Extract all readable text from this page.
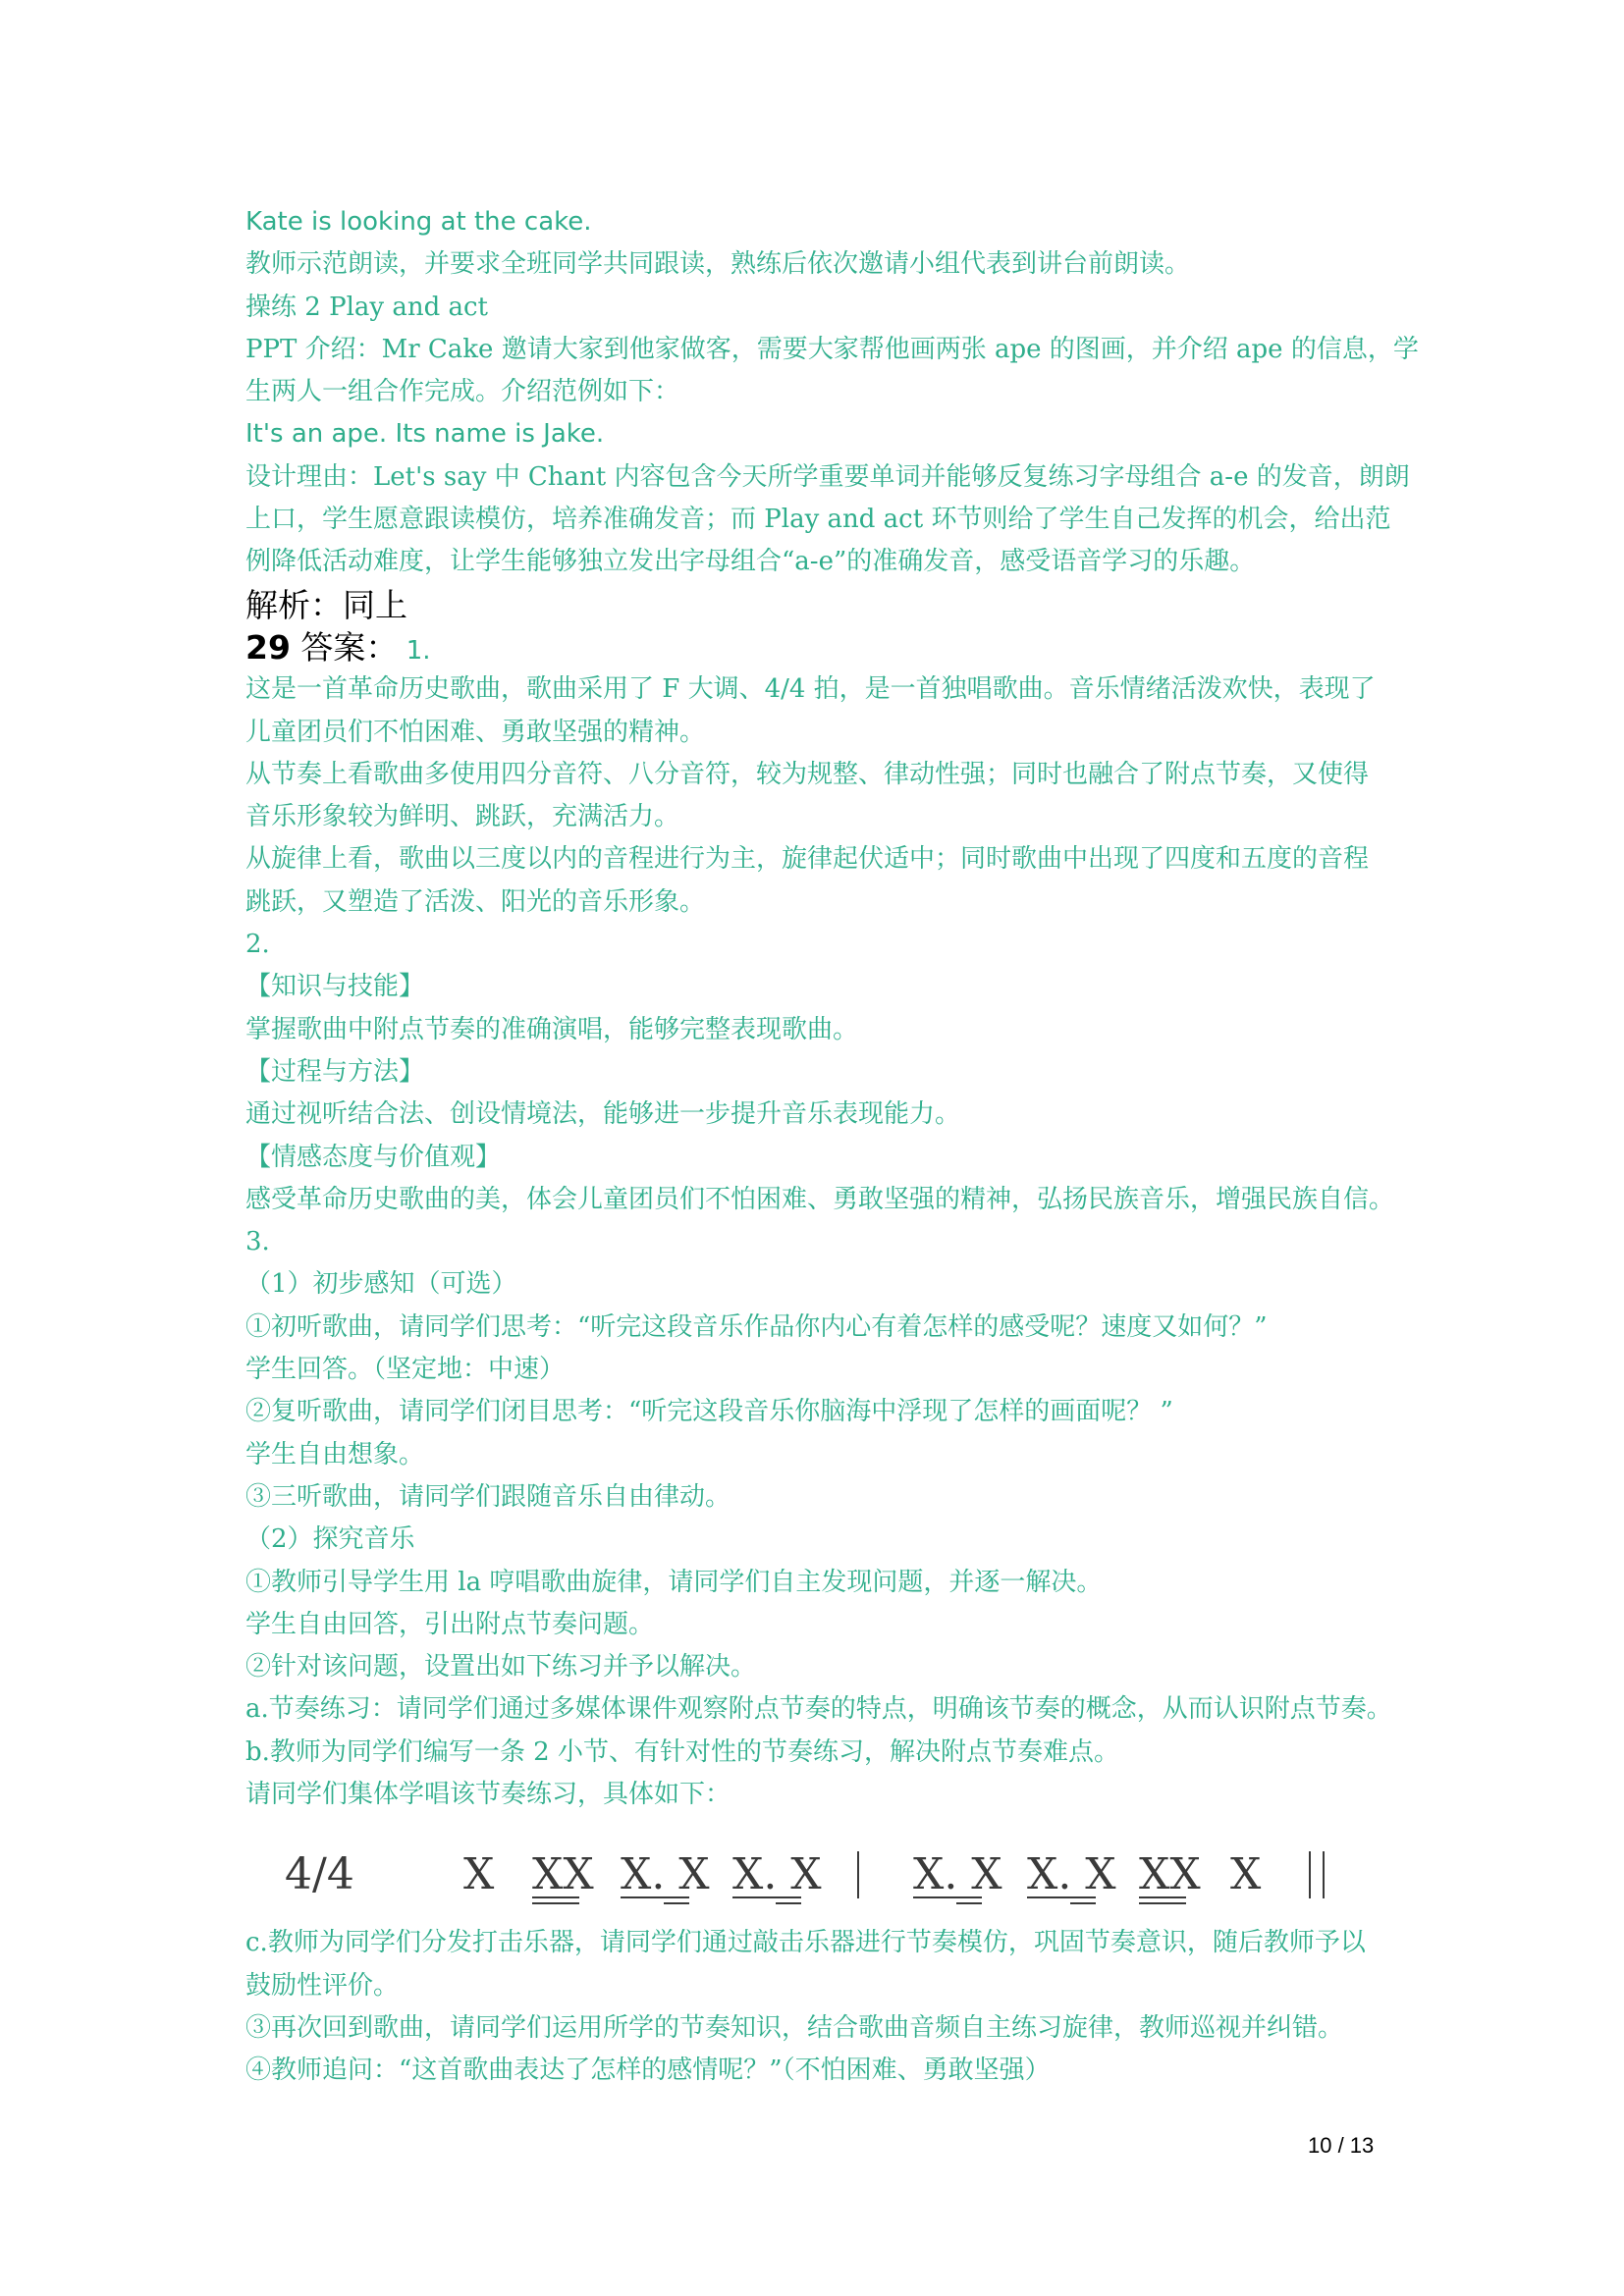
Kate is looking at the cake.
教师示范朗读，并要求全班同学共同跟读，熟练后依次邀请小组代表到讲台前朗读。
操练 2 Play and act
PPT 介绍：Mr Cake 邀请大家到他家做客，需要大家帮他画两张 ape 的图画，并介绍 ape 的信息，学
生两人一组合作完成。介绍范例如下：
It's an ape. Its name is Jake.
设计理由：Let's say 中 Chant 内容包含今天所学重要单词并能够反复练习字母组合 a-e 的发音，朗朗
上口，学生愿意跟读模仿，培养准确发音；而 Play and act 环节则给了学生自己发挥的机会，给出范
例降低活动难度，让学生能够独立发出字母组合“a-e”的准确发音，感受语音学习的乐趣。
解析：同上
29 答案： 1.
这是一首革命历史歌曲，歌曲采用了 F 大调、4/4 拍，是一首独唱歌曲。音乐情绪活泼欢快，表现了
儿童团员们不怕困难、勇敢坚强的精神。
从节奏上看歌曲多使用四分音符、八分音符，较为规整、律动性强；同时也融合了附点节奏，又使得
音乐形象较为鲜明、跳跃，充满活力。
从旋律上看，歌曲以三度以内的音程进行为主，旋律起伏适中；同时歌曲中出现了四度和五度的音程
跳跃，又塑造了活泼、阳光的音乐形象。
2.
【知识与技能】
掌握歌曲中附点节奏的准确演唱，能够完整表现歌曲。
【过程与方法】
通过视听结合法、创设情境法，能够进一步提升音乐表现能力。
【情感态度与价值观】
感受革命历史歌曲的美，体会儿童团员们不怕困难、勇敢坚强的精神，弘扬民族音乐，增强民族自信。
3.
（1）初步感知（可选）
①初听歌曲，请同学们思考：“听完这段音乐作品你内心有着怎样的感受呢？速度又如何？”
学生回答。（坚定地：中速）
②复听歌曲，请同学们闭目思考：“听完这段音乐你脑海中浮现了怎样的画面呢？ ”
学生自由想象。
③三听歌曲，请同学们跟随音乐自由律动。
（2）探究音乐
①教师引导学生用 la 哼唱歌曲旋律，请同学们自主发现问题，并逐一解决。
学生自由回答，引出附点节奏问题。
②针对该问题，设置出如下练习并予以解决。
a.节奏练习：请同学们通过多媒体课件观察附点节奏的特点，明确该节奏的概念，从而认识附点节奏。
b.教师为同学们编写一条 2 小节、有针对性的节奏练习，解决附点节奏难点。
请同学们集体学唱该节奏练习，具体如下：
4/4	X XX X. X X. X X. X X. X XX X
c.教师为同学们分发打击乐器，请同学们通过敲击乐器进行节奏模仿，巩固节奏意识，随后教师予以
鼓励性评价。
③再次回到歌曲，请同学们运用所学的节奏知识，结合歌曲音频自主练习旋律，教师巡视并纠错。
④教师追问：“这首歌曲表达了怎样的感情呢？”（不怕困难、勇敢坚强）
10 / 13
